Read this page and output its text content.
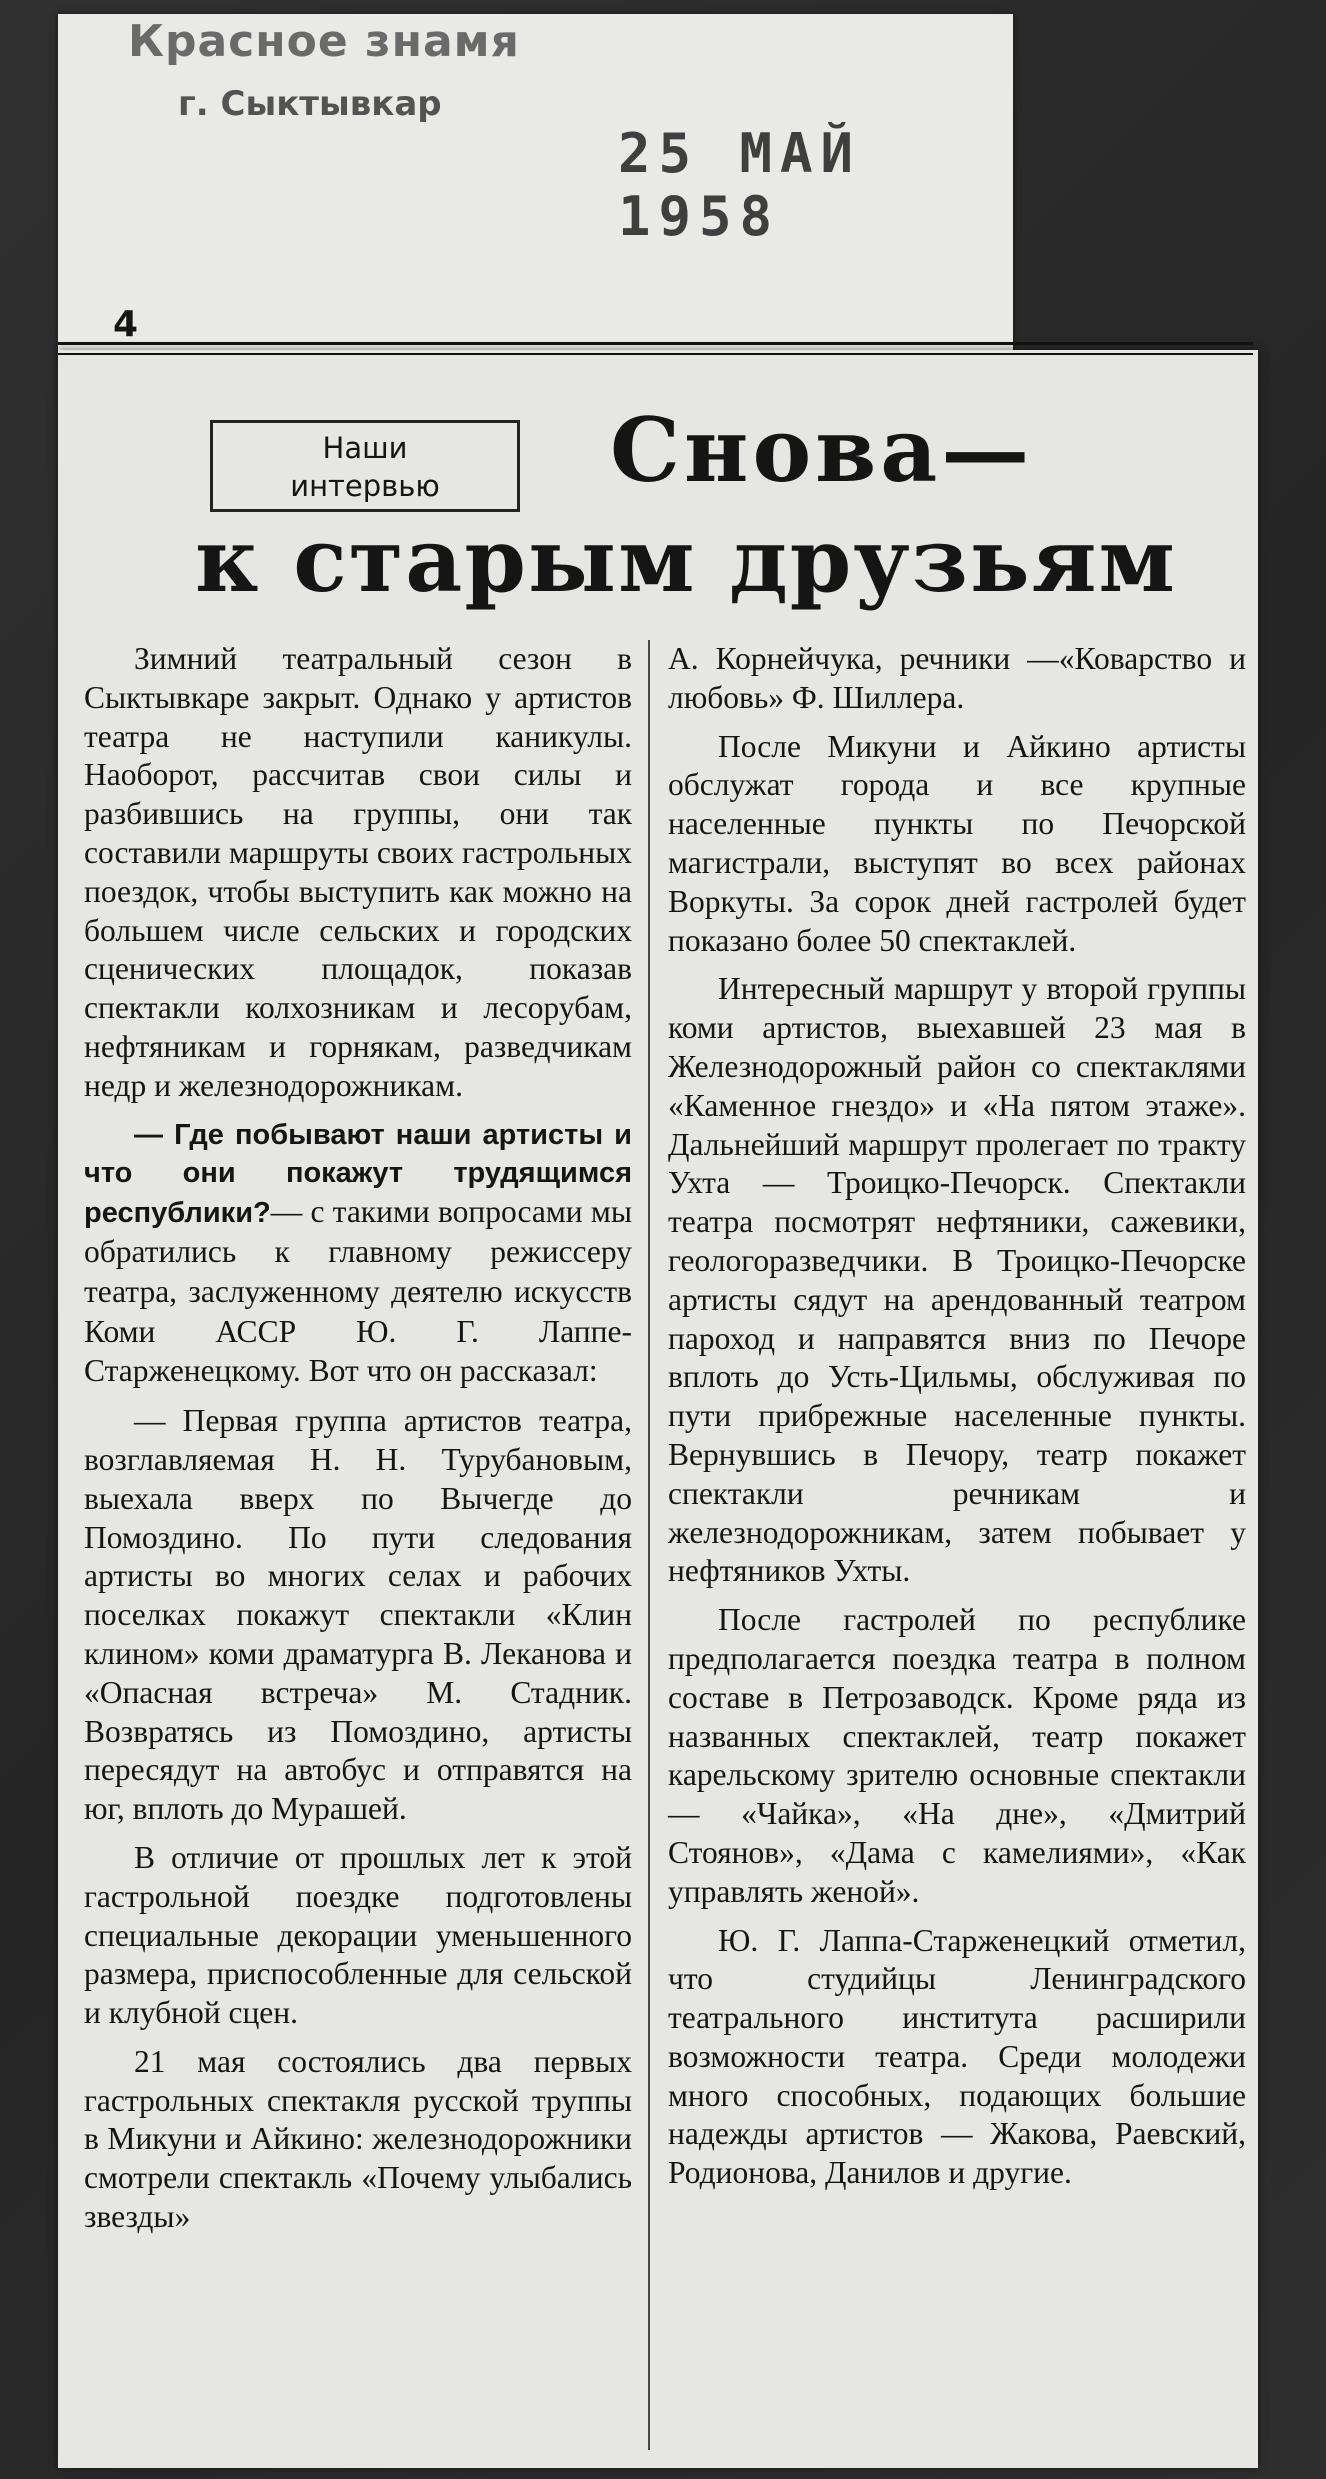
Красное знамя
г. Сыктывкар
25 МАЙ 1958
4
Наши
интервью	Снова—
к старым друзьям

Зимний театральный сезон в Сыктывкаре закрыт. Однако у артистов театра не наступили каникулы. Наоборот, рассчитав свои силы и разбившись на группы, они так составили маршруты своих гастрольных поездок, чтобы выступить как можно на большем числе сельских и городских сценических площадок, показав спектакли колхозникам и лесорубам, нефтяникам и горнякам, разведчикам недр и железнодорожникам.

— Где побывают наши артисты и что они покажут трудящимся республики?— с такими вопросами мы обратились к главному режиссеру театра, заслуженному деятелю искусств Коми АССР Ю. Г. Лаппе-Старженецкому. Вот что он рассказал:

— Первая группа артистов театра, возглавляемая Н. Н. Турубановым, выехала вверх по Вычегде до Помоздино. По пути следования артисты во многих селах и рабочих поселках покажут спектакли «Клин клином» коми драматурга В. Леканова и «Опасная встреча» М. Стадник. Возвратясь из Помоздино, артисты пересядут на автобус и отправятся на юг, вплоть до Мурашей.

В отличие от прошлых лет к этой гастрольной поездке подготовлены специальные декорации уменьшенного размера, приспособленные для сельской и клубной сцен.

21 мая состоялись два первых гастрольных спектакля русской труппы в Микуни и Айкино: железнодорожники смотрели спектакль «Почему улыбались звезды»

А. Корнейчука, речники —«Коварство и любовь» Ф. Шиллера.

После Микуни и Айкино артисты обслужат города и все крупные населенные пункты по Печорской магистрали, выступят во всех районах Воркуты. За сорок дней гастролей будет показано более 50 спектаклей.

Интересный маршрут у второй группы коми артистов, выехавшей 23 мая в Железнодорожный район со спектаклями «Каменное гнездо» и «На пятом этаже». Дальнейший маршрут пролегает по тракту Ухта — Троицко-Печорск. Спектакли театра посмотрят нефтяники, сажевики, геологоразведчики. В Троицко-Печорске артисты сядут на арендованный театром пароход и направятся вниз по Печоре вплоть до Усть-Цильмы, обслуживая по пути прибрежные населенные пункты. Вернувшись в Печору, театр покажет спектакли речникам и железнодорожникам, затем побывает у нефтяников Ухты.

После гастролей по республике предполагается поездка театра в полном составе в Петрозаводск. Кроме ряда из названных спектаклей, театр покажет карельскому зрителю основные спектакли — «Чайка», «На дне», «Дмитрий Стоянов», «Дама с камелиями», «Как управлять женой».

Ю. Г. Лаппа-Старженецкий отметил, что студийцы Ленинградского театрального института расширили возможности театра. Среди молодежи много способных, подающих большие надежды артистов — Жакова, Раевский, Родионова, Данилов и другие.
